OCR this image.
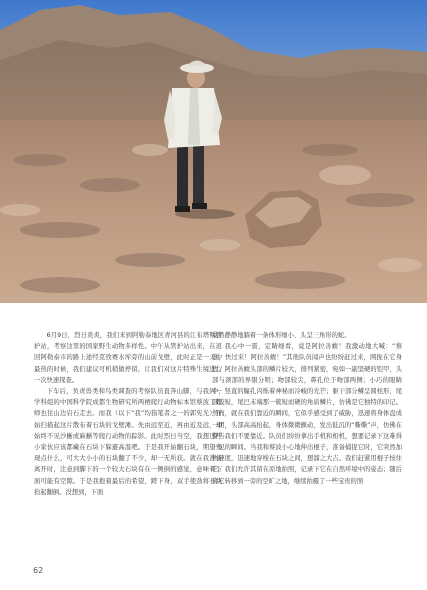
6月9日，烈日炎炎，我们来到阿勒泰地区青河县的江布塔斯管护站，考察这里的国家野生动物多样性。中午从管护站出来，在返回阿勒泰市的路上途经克孜赛水库旁的山前戈壁，此时正是一天中最热的时候，我们建议可机稍做停留，让我们对这片特殊生境进行一次快速探查。

下车后，负责兽类和鸟类调查的考察队员直奔山脚，与我同一学科组的中国科学院成都生物研究所两栖爬行动物标本馆蔡波工程师也往山边岩石走去。而我（以下“我”均指笔者之一的郭宪光）开始扫描起这片散布着石块的戈壁滩。先由远至近，再由近及远，却始终不见沙蜥或麻蜥等爬行动物的踪影。此时烈日当空，我想这些小家伙应该都藏在石块下躲避高温吧。于是我开始翻石块，期望发现点什么，可大大小小的石块翻了不少，却一无所获。就在我准备离开时，注意到脚下的一个较大石块有在一侧倒的感觉，意味着下面可能有空隙。于是我抱着最后的希望，蹲下身，双手使劲将石块抬起翻倒。没想到，下面

竟然静静地躺着一条体形细小、头呈三角形的蛇。

我心中一震，定睛细看，竟是阿拉善蝮！我激动地大喊：“蔡波，快过来！阿拉善蝮！”其他队员闻声也纷纷赶过来，围拢在它身边。阿拉善蝮头部的鳞片较大，排列紧密，宛如一副坚硬的铠甲，头部与颈部的界限分明；吻部较尖，鼻孔位于吻部两侧；小巧的眼睛中，竖直的瞳孔闪烁着神秘而冷峻的光芒；躯干部分鳞呈圆柱形，尾部较短，尾巴末端那一簇短而硬的角质鳞片，仿佛是它独特的印记。然而，就在我们靠近的瞬间，它似乎感受到了威胁，迅速将身体盘成一团，头部高高抬起，身体微微颤动，发出低沉的“嘶嘶”声，仿佛在警告我们不要靠近。队员们纷纷拿出手机和相机，想要记录下这难得一见的瞬间。当我和蔡波小心地伸出棍子，准备捕捉它时，它突然加快速度，迅速地穿梭在石块之间，想溜之大吉。我们赶紧用棍子按住它。我们允许其留在原地拍照，记录下它在自然环境中的姿态；随后将它转移到一旁的空旷之地，继续拍摄了一些宝贵的照

62
